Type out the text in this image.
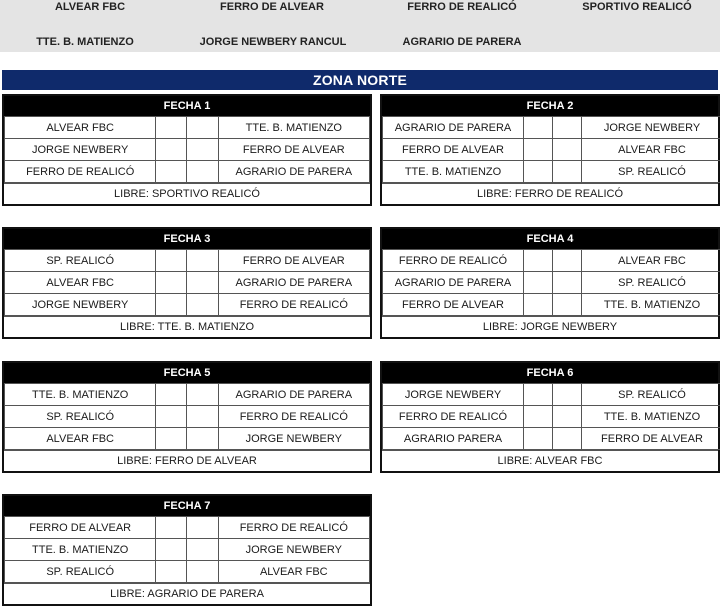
ALVEAR FBC	FERRO DE ALVEAR	FERRO DE REALICÓ	SPORTIVO REALICÓ
TTE. B. MATIENZO	JORGE NEWBERY RANCUL	AGRARIO DE PARERA
ZONA NORTE
FECHA 1
ALVEAR FBC			TTE. B. MATIENZO
JORGE NEWBERY			FERRO DE ALVEAR
FERRO DE REALICÓ			AGRARIO DE PARERA
LIBRE: SPORTIVO REALICÓ
FECHA 2
AGRARIO DE PARERA			JORGE NEWBERY
FERRO DE ALVEAR			ALVEAR FBC
TTE. B. MATIENZO			SP. REALICÓ
LIBRE: FERRO DE REALICÓ
FECHA 3
SP. REALICÓ			FERRO DE ALVEAR
ALVEAR FBC			AGRARIO DE PARERA
JORGE NEWBERY			FERRO DE REALICÓ
LIBRE: TTE. B. MATIENZO
FECHA 4
FERRO DE REALICÓ			ALVEAR FBC
AGRARIO DE PARERA			SP. REALICÓ
FERRO DE ALVEAR			TTE. B. MATIENZO
LIBRE: JORGE NEWBERY
FECHA 5
TTE. B. MATIENZO			AGRARIO DE PARERA
SP. REALICÓ			FERRO DE REALICÓ
ALVEAR FBC			JORGE NEWBERY
LIBRE: FERRO DE ALVEAR
FECHA 6
JORGE NEWBERY			SP. REALICÓ
FERRO DE REALICÓ			TTE. B. MATIENZO
AGRARIO PARERA			FERRO DE ALVEAR
LIBRE: ALVEAR FBC
FECHA 7
FERRO DE ALVEAR			FERRO DE REALICÓ
TTE. B. MATIENZO			JORGE NEWBERY
SP. REALICÓ			ALVEAR FBC
LIBRE: AGRARIO DE PARERA
